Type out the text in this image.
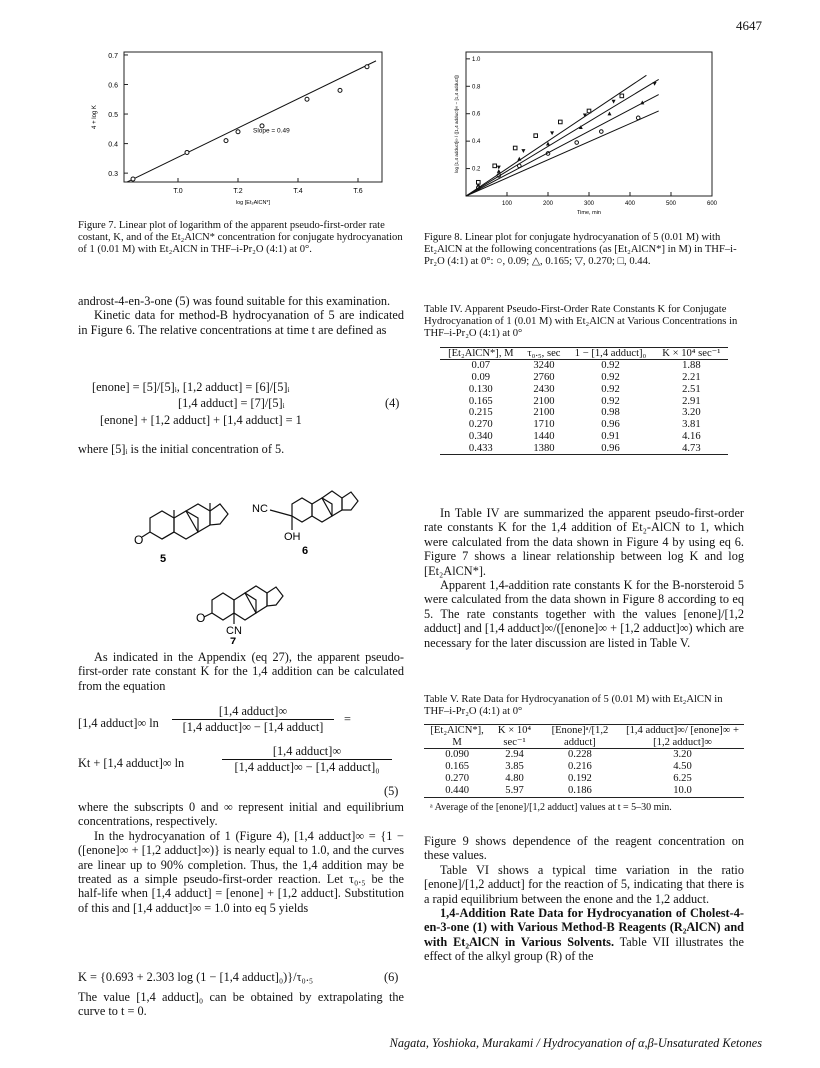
4647
0.3
0.4
0.5
0.6
0.7
T.0	T.2	T.4	T.6
Slope = 0.49
log [Et₂AlCN*]
4 + log K
Figure 7. Linear plot of logarithm of the apparent pseudo-first-order rate costant, K, and of the Et₂AlCN* concentration for conjugate hydrocyanation of 1 (0.01 M) with Et₂AlCN in THF–i-Pr₂O (4:1) at 0°.
0.2
0.4
0.6
0.8
1.0
100	200	300	400	500	600
Time, min
log [1,4 adduct]∞ / ([1,4 adduct]∞ − [1,4 adduct])
Figure 8. Linear plot for conjugate hydrocyanation of 5 (0.01 M) with Et₂AlCN at the following concentrations (as [Et₂AlCN*] in M) in THF–i-Pr₂O (4:1) at 0°: ○, 0.09; △, 0.165; ▽, 0.270; □, 0.44.

androst-4-en-3-one (5) was found suitable for this examination.

Kinetic data for method-B hydrocyanation of 5 are indicated in Figure 6. The relative concentrations at time t are defined as

[enone] = [5]/[5]ᵢ, [1,2 adduct] = [6]/[5]ᵢ
[1,4 adduct] = [7]/[5]ᵢ	(4)
[enone] + [1,2 adduct] + [1,4 adduct] = 1
where [5]ᵢ is the initial concentration of 5.
O
5
NC
OH
6
O
CN
7

As indicated in the Appendix (eq 27), the apparent pseudo-first-order rate constant K for the 1,4 addition can be calculated from the equation

[1,4 adduct]∞ ln
[1,4 adduct]∞
[1,4 adduct]∞ − [1,4 adduct]
=
Kt + [1,4 adduct]∞ ln
[1,4 adduct]∞
[1,4 adduct]∞ − [1,4 adduct]₀
(5)

where the subscripts 0 and ∞ represent initial and equilibrium concentrations, respectively.

In the hydrocyanation of 1 (Figure 4), [1,4 adduct]∞ = {1 − ([enone]∞ + [1,2 adduct]∞)} is nearly equal to 1.0, and the curves are linear up to 90% completion. Thus, the 1,4 addition may be treated as a simple pseudo-first-order reaction. Let τ₀.₅ be the half-life when [1,4 adduct] = [enone] + [1,2 adduct]. Substitution of this and [1,4 adduct]∞ = 1.0 into eq 5 yields

K = {0.693 + 2.303 log (1 − [1,4 adduct]₀)}/τ₀.₅	(6)
The value [1,4 adduct]₀ can be obtained by extrapolating the curve to t = 0.
Table IV. Apparent Pseudo-First-Order Rate Constants K for Conjugate Hydrocyanation of 1 (0.01 M) with Et₂AlCN at Various Concentrations in THF–i-Pr₂O (4:1) at 0°
[Et₂AlCN*], M	τ₀.₅, sec	1 − [1,4 adduct]₀	K × 10⁴ sec⁻¹
0.07	3240	0.92	1.88
0.09	2760	0.92	2.21
0.130	2430	0.92	2.51
0.165	2100	0.92	2.91
0.215	2100	0.98	3.20
0.270	1710	0.96	3.81
0.340	1440	0.91	4.16
0.433	1380	0.96	4.73

In Table IV are summarized the apparent pseudo-first-order rate constants K for the 1,4 addition of Et₂-AlCN to 1, which were calculated from the data shown in Figure 4 by using eq 6. Figure 7 shows a linear relationship between log K and log [Et₂AlCN*].

Apparent 1,4-addition rate constants K for the B-norsteroid 5 were calculated from the data shown in Figure 8 according to eq 5. The rate constants together with the values [enone]/[1,2 adduct] and [1,4 adduct]∞/([enone]∞ + [1,2 adduct]∞) which are necessary for the later discussion are listed in Table V.

Table V. Rate Data for Hydrocyanation of 5 (0.01 M) with Et₂AlCN in THF–i-Pr₂O (4:1) at 0°
[Et₂AlCN*], M	K × 10⁴ sec⁻¹	[Enone]ᵃ/[1,2 adduct]	[1,4 adduct]∞/ [enone]∞ + [1,2 adduct]∞
0.090	2.94	0.228	3.20
0.165	3.85	0.216	4.50
0.270	4.80	0.192	6.25
0.440	5.97	0.186	10.0
ᵃ Average of the [enone]/[1,2 adduct] values at t = 5–30 min.

Figure 9 shows dependence of the reagent concentration on these values.

Table VI shows a typical time variation in the ratio [enone]/[1,2 adduct] for the reaction of 5, indicating that there is a rapid equilibrium between the enone and the 1,2 adduct.

1,4-Addition Rate Data for Hydrocyanation of Cholest-4-en-3-one (1) with Various Method-B Reagents (R₂AlCN) and with Et₂AlCN in Various Solvents. Table VII illustrates the effect of the alkyl group (R) of the

Nagata, Yoshioka, Murakami / Hydrocyanation of α,β-Unsaturated Ketones
